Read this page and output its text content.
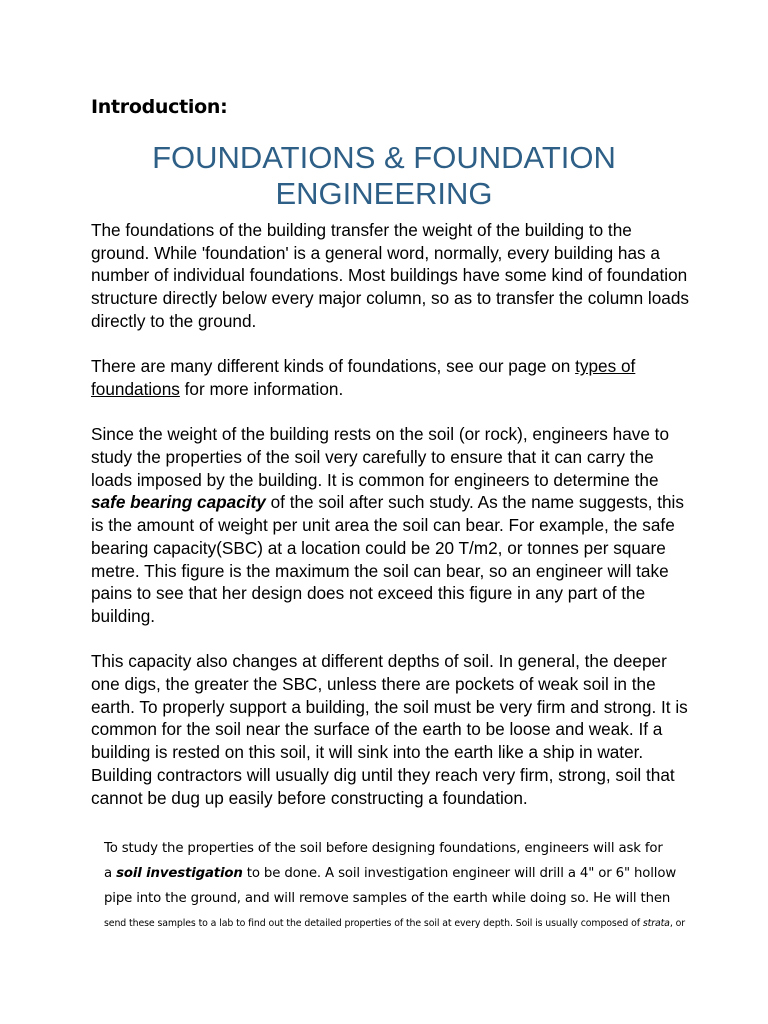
Introduction:
FOUNDATIONS & FOUNDATION
ENGINEERING

The foundations of the building transfer the weight of the building to the ground. While 'foundation' is a general word, normally, every building has a number of individual foundations. Most buildings have some kind of foundation structure directly below every major column, so as to transfer the column loads directly to the ground.

There are many different kinds of foundations, see our page on types of foundations for more information.

Since the weight of the building rests on the soil (or rock), engineers have to study the properties of the soil very carefully to ensure that it can carry the loads imposed by the building. It is common for engineers to determine the safe bearing capacity of the soil after such study. As the name suggests, this is the amount of weight per unit area the soil can bear. For example, the safe bearing capacity(SBC) at a location could be 20 T/m2, or tonnes per square metre. This figure is the maximum the soil can bear, so an engineer will take pains to see that her design does not exceed this figure in any part of the building.

This capacity also changes at different depths of soil. In general, the deeper one digs, the greater the SBC, unless there are pockets of weak soil in the earth. To properly support a building, the soil must be very firm and strong. It is common for the soil near the surface of the earth to be loose and weak. If a building is rested on this soil, it will sink into the earth like a ship in water. Building contractors will usually dig until they reach very firm, strong, soil that cannot be dug up easily before constructing a foundation.

To study the properties of the soil before designing foundations, engineers will ask for
a soil investigation to be done. A soil investigation engineer will drill a 4" or 6" hollow
pipe into the ground, and will remove samples of the earth while doing so. He will then
send these samples to a lab to find out the detailed properties of the soil at every depth. Soil is usually composed of strata, or
